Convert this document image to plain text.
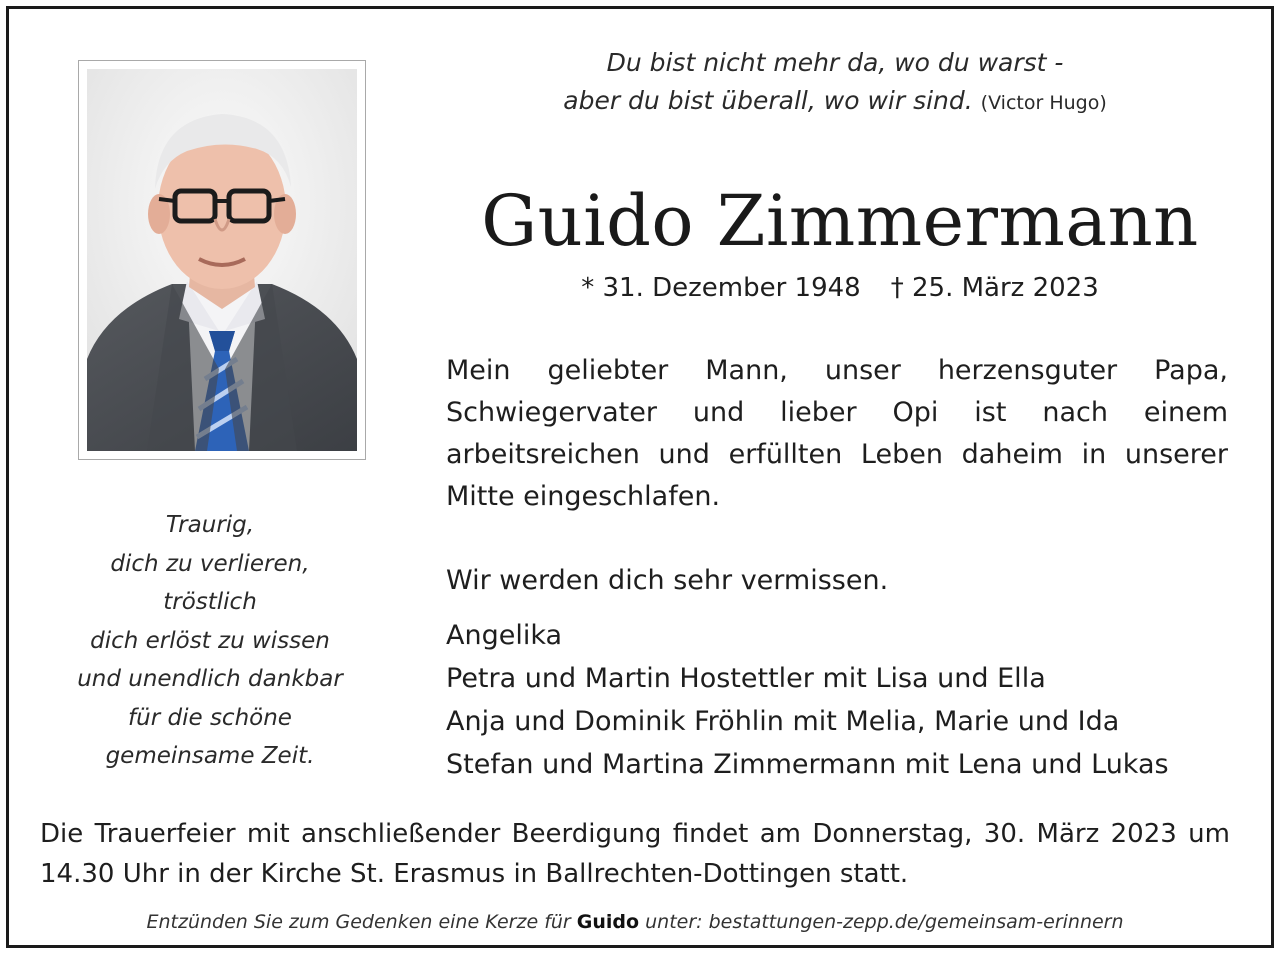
Du bist nicht mehr da, wo du warst -
aber du bist überall, wo wir sind. (Victor Hugo)
Guido Zimmermann
* 31. Dezember 1948 † 25. März 2023
Mein geliebter Mann, unser herzensguter Papa, Schwiegervater und lieber Opi ist nach einem arbeitsreichen und erfüllten Leben daheim in unserer Mitte eingeschlafen.
Wir werden dich sehr vermissen.
Angelika
Petra und Martin Hostettler mit Lisa und Ella
Anja und Dominik Fröhlin mit Melia, Marie und Ida
Stefan und Martina Zimmermann mit Lena und Lukas
Traurig,
dich zu verlieren,
tröstlich
dich erlöst zu wissen
und unendlich dankbar
für die schöne
gemeinsame Zeit.
Die Trauerfeier mit anschließender Beerdigung findet am Donnerstag, 30. März 2023 um 14.30 Uhr in der Kirche St. Erasmus in Ballrechten-Dottingen statt.
Entzünden Sie zum Gedenken eine Kerze für Guido unter: bestattungen-zepp.de/gemeinsam-erinnern
